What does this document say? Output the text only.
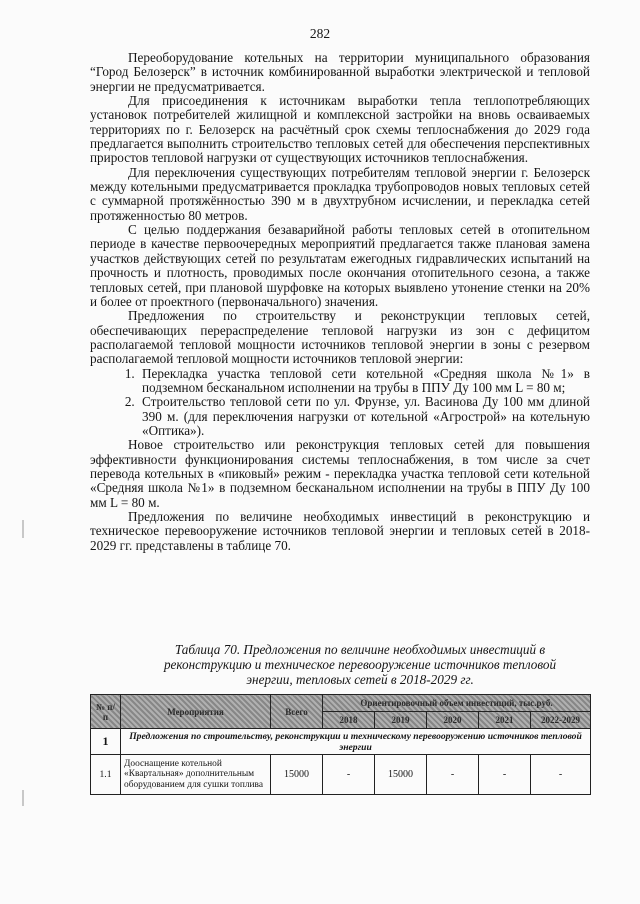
282

Переоборудование котельных на территории муниципального образования “Город Белозерск” в источник комбинированной выработки электрической и тепловой энергии не предусматривается.

Для присоединения к источникам выработки тепла теплопотребляющих установок потребителей жилищной и комплексной застройки на вновь осваиваемых территориях по г. Белозерск на расчётный срок схемы теплоснабжения до 2029 года предлагается выполнить строительство тепловых сетей для обеспечения перспективных приростов тепловой нагрузки от существующих источников теплоснабжения.

Для переключения существующих потребителям тепловой энергии г. Белозерск между котельными предусматривается прокладка трубопроводов новых тепловых сетей с суммарной протяжённостью 390 м в двухтрубном исчислении, и перекладка сетей протяженностью 80 метров.

С целью поддержания безаварийной работы тепловых сетей в отопительном периоде в качестве первоочередных мероприятий предлагается также плановая замена участков действующих сетей по результатам ежегодных гидравлических испытаний на прочность и плотность, проводимых после окончания отопительного сезона, а также тепловых сетей, при плановой шурфовке на которых выявлено утонение стенки на 20% и более от проектного (первоначального) значения.

Предложения по строительству и реконструкции тепловых сетей, обеспечивающих перераспределение тепловой нагрузки из зон с дефицитом располагаемой тепловой мощности источников тепловой энергии в зоны с резервом располагаемой тепловой мощности источников тепловой энергии:

1. Перекладка участка тепловой сети котельной «Средняя школа №1» в подземном бесканальном исполнении на трубы в ППУ Ду 100 мм L = 80 м;
2. Строительство тепловой сети по ул. Фрунзе, ул. Васинова Ду 100 мм длиной 390 м. (для переключения нагрузки от котельной «Агрострой» на котельную «Оптика»).

Новое строительство или реконструкция тепловых сетей для повышения эффективности функционирования системы теплоснабжения, в том числе за счет перевода котельных в «пиковый» режим - перекладка участка тепловой сети котельной «Средняя школа №1» в подземном бесканальном исполнении на трубы в ППУ Ду 100 мм L = 80 м.

Предложения по величине необходимых инвестиций в реконструкцию и техническое перевооружение источников тепловой энергии и тепловых сетей в 2018-2029 гг. представлены в таблице 70.

Таблица 70. Предложения по величине необходимых инвестиций в реконструкцию и техническое перевооружение источников тепловой энергии, тепловых сетей в 2018-2029 гг.
№ п/п	Мероприятия	Всего	Ориентировочный объем инвестиций, тыс.руб.				
			2018	2019	2020	2021	2022-2029
1	Предложения по строительству, реконструкции и техническому перевооружению источников тепловой энергии						
1.1	Дооснащение котельной «Квартальная» дополнительным оборудованием для сушки топлива	15000	-	15000	-	-	-
